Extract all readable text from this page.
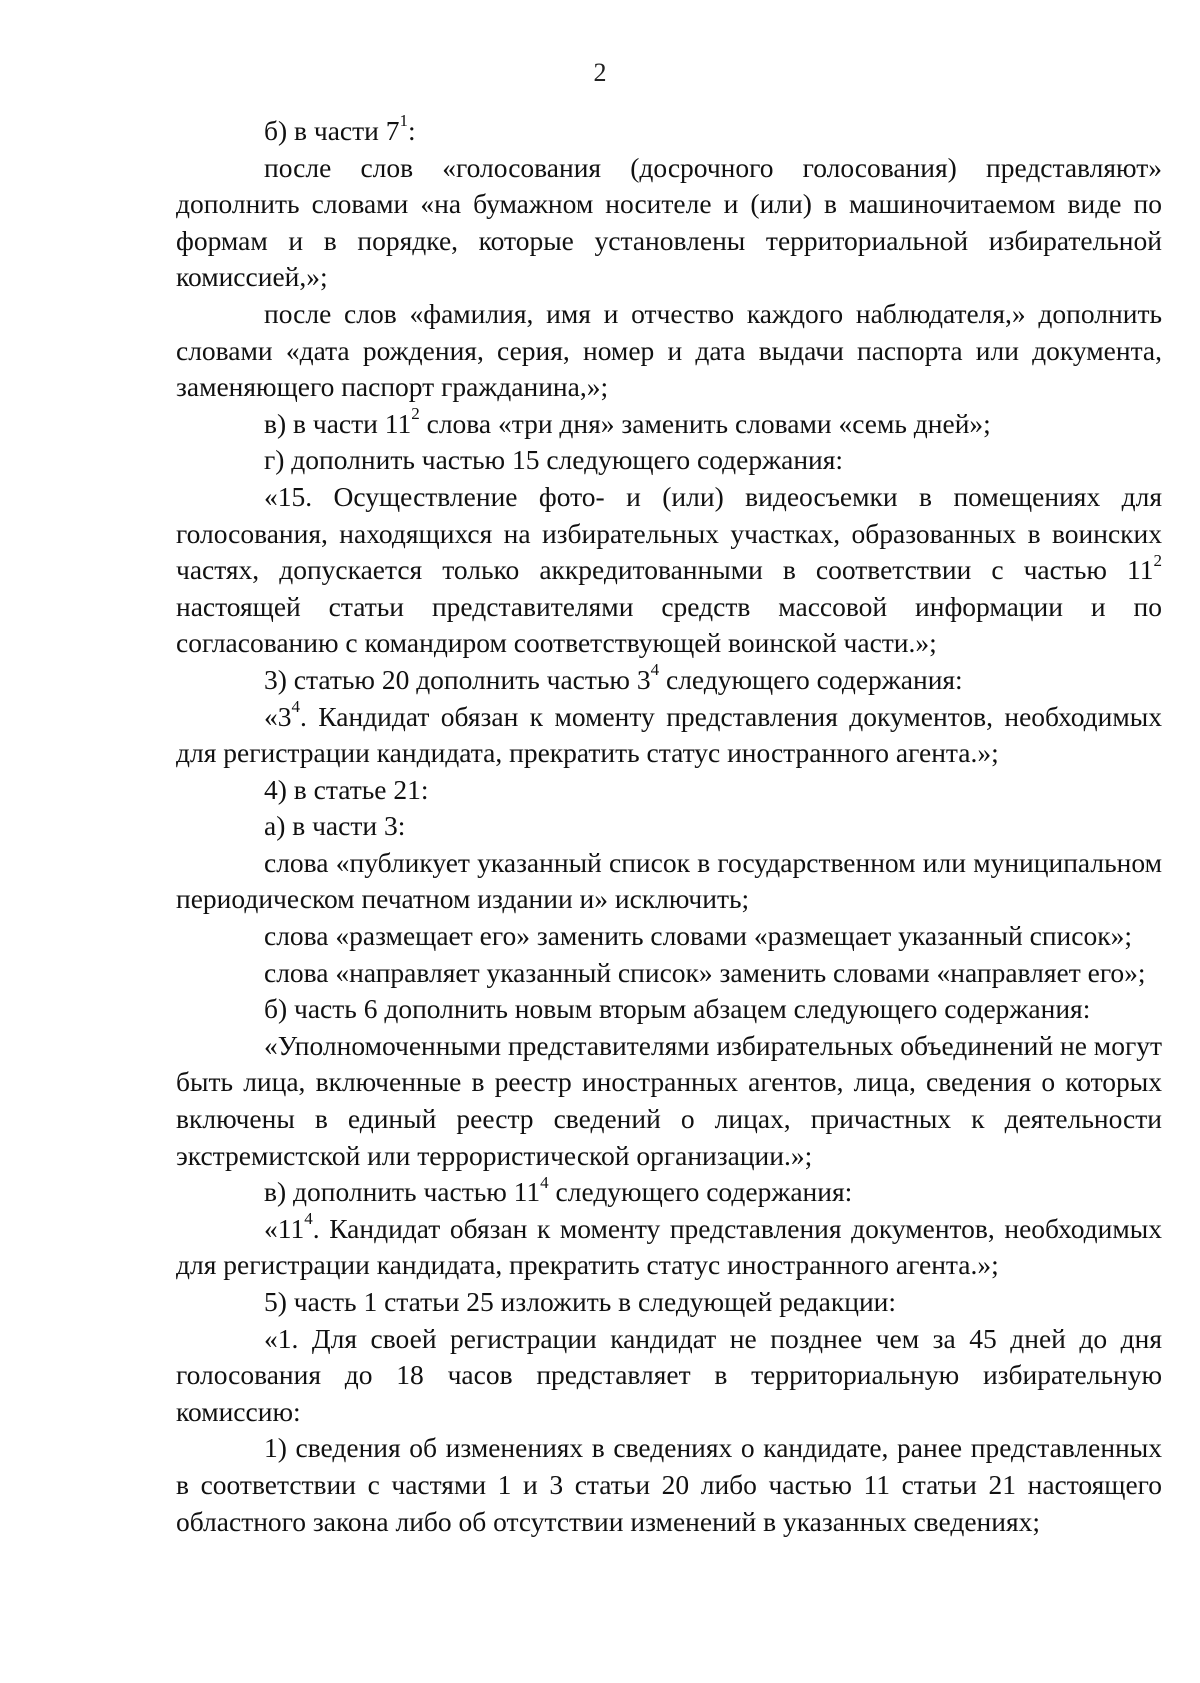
2

б) в части $7^1$:

после слов «голосования (досрочного голосования) представляют» дополнить словами «на бумажном носителе и (или) в машиночитаемом виде по формам и в порядке, которые установлены территориальной избирательной комиссией,»;

после слов «фамилия, имя и отчество каждого наблюдателя,» дополнить словами «дата рождения, серия, номер и дата выдачи паспорта или документа, заменяющего паспорт гражданина,»;

в) в части $11^2$ слова «три дня» заменить словами «семь дней»;

г) дополнить частью 15 следующего содержания:

«15. Осуществление фото- и (или) видеосъемки в помещениях для голосования, находящихся на избирательных участках, образованных в воинских частях, допускается только аккредитованными в соответствии с частью $11^2$ настоящей статьи представителями средств массовой информации и по согласованию с командиром соответствующей воинской части.»;

3) статью 20 дополнить частью $3^4$ следующего содержания:

«$3^4$. Кандидат обязан к моменту представления документов, необходимых для регистрации кандидата, прекратить статус иностранного агента.»;

4) в статье 21:

а) в части 3:

слова «публикует указанный список в государственном или муниципальном периодическом печатном издании и» исключить;

слова «размещает его» заменить словами «размещает указанный список»;

слова «направляет указанный список» заменить словами «направляет его»;

б) часть 6 дополнить новым вторым абзацем следующего содержания:

«Уполномоченными представителями избирательных объединений не могут быть лица, включенные в реестр иностранных агентов, лица, сведения о которых включены в единый реестр сведений о лицах, причастных к деятельности экстремистской или террористической организации.»;

в) дополнить частью $11^4$ следующего содержания:

«$11^4$. Кандидат обязан к моменту представления документов, необходимых для регистрации кандидата, прекратить статус иностранного агента.»;

5) часть 1 статьи 25 изложить в следующей редакции:

«1. Для своей регистрации кандидат не позднее чем за 45 дней до дня голосования до 18 часов представляет в территориальную избирательную комиссию:

1) сведения об изменениях в сведениях о кандидате, ранее представленных в соответствии с частями 1 и 3 статьи 20 либо частью 11 статьи 21 настоящего областного закона либо об отсутствии изменений в указанных сведениях;
